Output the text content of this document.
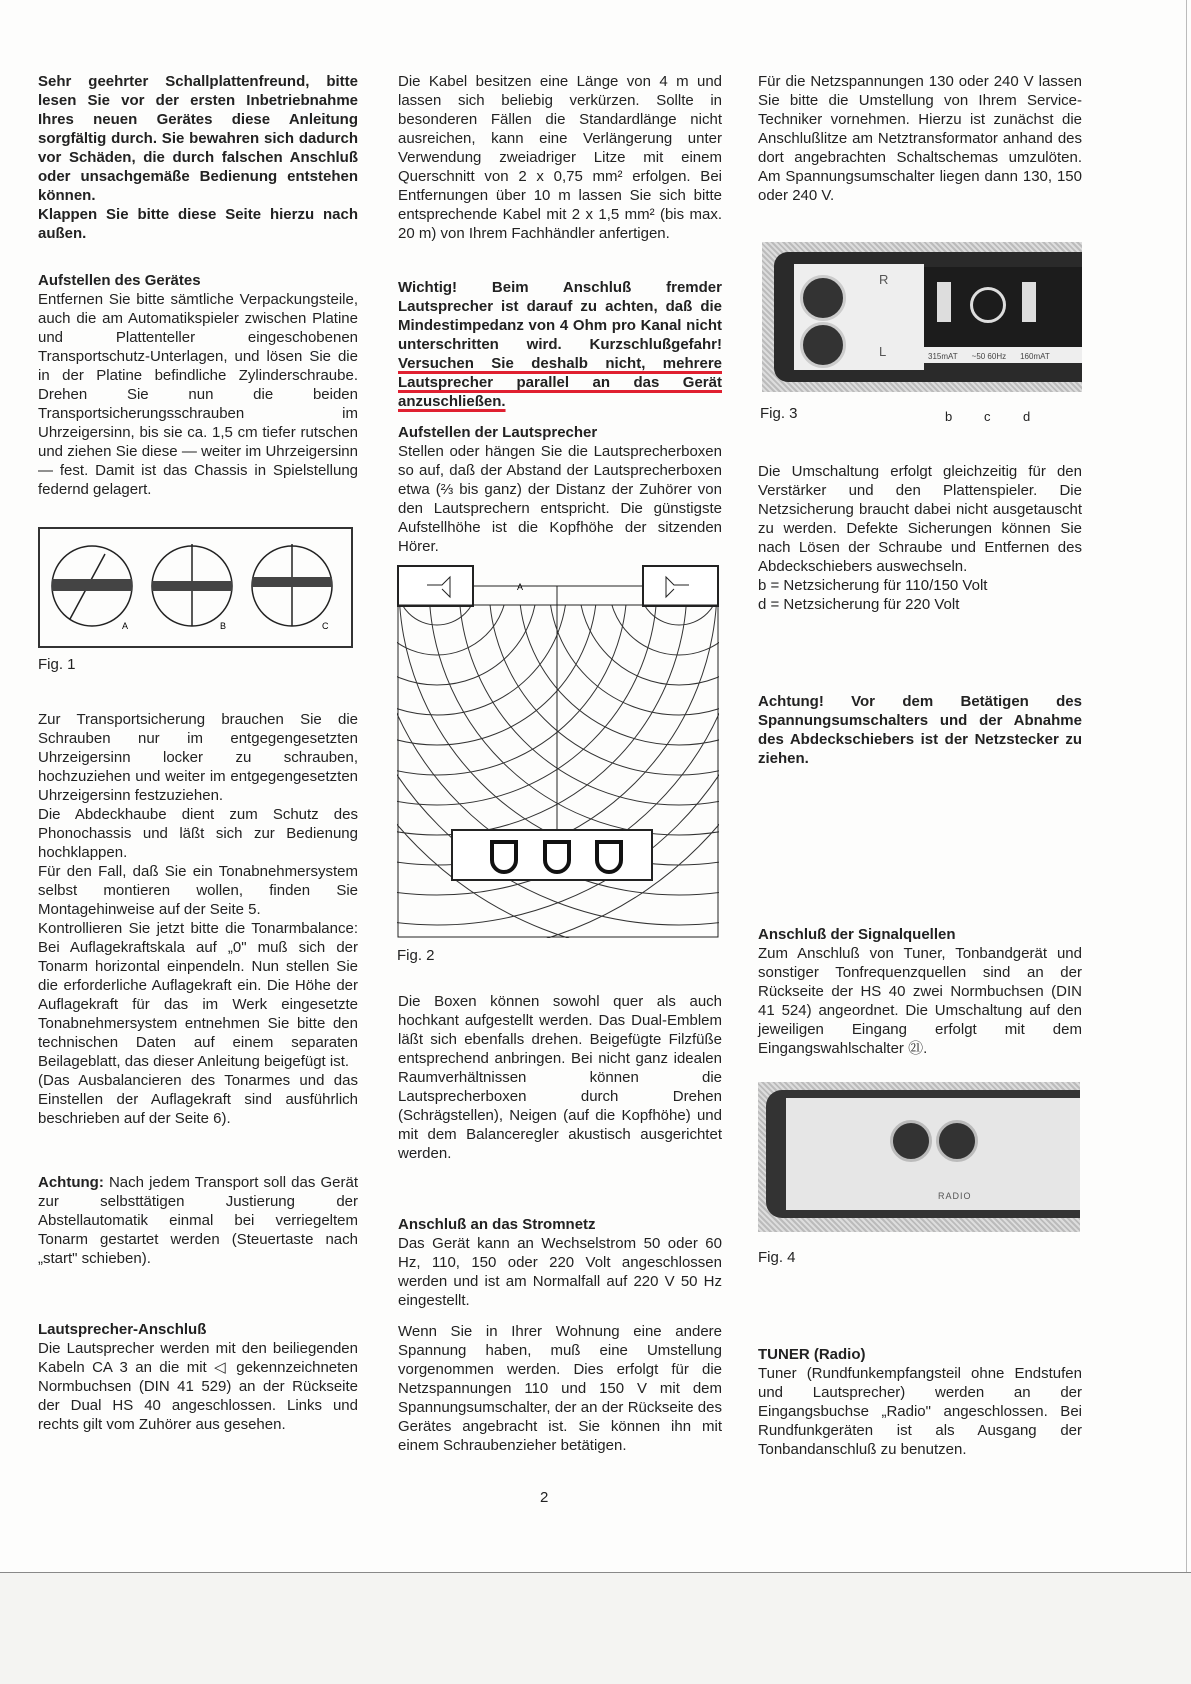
Sehr geehrter Schallplattenfreund, bitte lesen Sie vor der ersten Inbetriebnahme Ihres neuen Gerätes diese Anleitung sorgfältig durch. Sie bewahren sich dadurch vor Schäden, die durch falschen Anschluß oder unsachgemäße Bedienung entstehen können.

Klappen Sie bitte diese Seite hierzu nach außen.

Aufstellen des Gerätes

Entfernen Sie bitte sämtliche Verpackungsteile, auch die am Automatikspieler zwischen Platine und Plattenteller eingeschobenen Transportschutz-Unterlagen, und lösen Sie die in der Platine befindliche Zylinderschraube. Drehen Sie nun die beiden Transportsicherungsschrauben im Uhrzeigersinn, bis sie ca. 1,5 cm tiefer rutschen und ziehen Sie diese — weiter im Uhrzeigersinn — fest. Damit ist das Chassis in Spielstellung federnd gelagert.

A	B	C
Fig. 1

Zur Transportsicherung brauchen Sie die Schrauben nur im entgegengesetzten Uhrzeigersinn locker zu schrauben, hochzuziehen und weiter im entgegengesetzten Uhrzeigersinn festzuziehen.

Die Abdeckhaube dient zum Schutz des Phonochassis und läßt sich zur Bedienung hochklappen.

Für den Fall, daß Sie ein Tonabnehmersystem selbst montieren wollen, finden Sie Montagehinweise auf der Seite 5.

Kontrollieren Sie jetzt bitte die Tonarmbalance: Bei Auflagekraftskala auf „0" muß sich der Tonarm horizontal einpendeln. Nun stellen Sie die erforderliche Auflagekraft ein. Die Höhe der Auflagekraft für das im Werk eingesetzte Tonabnehmersystem entnehmen Sie bitte den technischen Daten auf einem separaten Beilageblatt, das dieser Anleitung beigefügt ist.

(Das Ausbalancieren des Tonarmes und das Einstellen der Auflagekraft sind ausführlich beschrieben auf der Seite 6).

Achtung: Nach jedem Transport soll das Gerät zur selbsttätigen Justierung der Abstellautomatik einmal bei verriegeltem Tonarm gestartet werden (Steuertaste nach „start" schieben).

Lautsprecher-Anschluß

Die Lautsprecher werden mit den beiliegenden Kabeln CA 3 an die mit ◁ gekennzeichneten Normbuchsen (DIN 41 529) an der Rückseite der Dual HS 40 angeschlossen. Links und rechts gilt vom Zuhörer aus gesehen.

Die Kabel besitzen eine Länge von 4 m und lassen sich beliebig verkürzen. Sollte in besonderen Fällen die Standardlänge nicht ausreichen, kann eine Verlängerung unter Verwendung zweiadriger Litze mit einem Querschnitt von 2 x 0,75 mm² erfolgen. Bei Entfernungen über 10 m lassen Sie sich bitte entsprechende Kabel mit 2 x 1,5 mm² (bis max. 20 m) von Ihrem Fachhändler anfertigen.
Wichtig! Beim Anschluß fremder Lautsprecher ist darauf zu achten, daß die Mindestimpedanz von 4 Ohm pro Kanal nicht unterschritten wird. Kurzschlußgefahr! Versuchen Sie deshalb nicht, mehrere Lautsprecher parallel an das Gerät anzuschließen.

Aufstellen der Lautsprecher

Stellen oder hängen Sie die Lautsprecherboxen so auf, daß der Abstand der Lautsprecherboxen etwa (⅔ bis ganz) der Distanz der Zuhörer von den Lautsprechern entspricht. Die günstigste Aufstellhöhe ist die Kopfhöhe der sitzenden Hörer.

A
Fig. 2
Die Boxen können sowohl quer als auch hochkant aufgestellt werden. Das Dual-Emblem läßt sich ebenfalls drehen. Beigefügte Filzfüße entsprechend anbringen. Bei nicht ganz idealen Raumverhältnissen können die Lautsprecherboxen durch Drehen (Schrägstellen), Neigen (auf die Kopfhöhe) und mit dem Balanceregler akustisch ausgerichtet werden.

Anschluß an das Stromnetz

Das Gerät kann an Wechselstrom 50 oder 60 Hz, 110, 150 oder 220 Volt angeschlossen werden und ist am Normalfall auf 220 V 50 Hz eingestellt.

Wenn Sie in Ihrer Wohnung eine andere Spannung haben, muß eine Umstellung vorgenommen werden. Dies erfolgt für die Netzspannungen 110 und 150 V mit dem Spannungsumschalter, der an der Rückseite des Gerätes angebracht ist. Sie können ihn mit einem Schraubenzieher betätigen.
Für die Netzspannungen 130 oder 240 V lassen Sie bitte die Umstellung von Ihrem Service-Techniker vornehmen. Hierzu ist zunächst die Anschlußlitze am Netztransformator anhand des dort angebrachten Schaltschemas umzulöten. Am Spannungsumschalter liegen dann 130, 150 oder 240 V.
R
L	315mAT ~50 60Hz 160mAT
Fig. 3	b c	d

Die Umschaltung erfolgt gleichzeitig für den Verstärker und den Plattenspieler. Die Netzsicherung braucht dabei nicht ausgetauscht zu werden. Defekte Sicherungen können Sie nach Lösen der Schraube und Entfernen des Abdeckschiebers auswechseln.

b = Netzsicherung für 110/150 Volt

d = Netzsicherung für 220 Volt

Achtung! Vor dem Betätigen des Spannungsumschalters und der Abnahme des Abdeckschiebers ist der Netzstecker zu ziehen.

Anschluß der Signalquellen

Zum Anschluß von Tuner, Tonbandgerät und sonstiger Tonfrequenzquellen sind an der Rückseite der HS 40 zwei Normbuchsen (DIN 41 524) angeordnet. Die Umschaltung auf den jeweiligen Eingang erfolgt mit dem Eingangswahlschalter ㉑.

RADIO
Fig. 4

TUNER (Radio)

Tuner (Rundfunkempfangsteil ohne Endstufen und Lautsprecher) werden an der Eingangsbuchse „Radio" angeschlossen. Bei Rundfunkgeräten ist als Ausgang der Tonbandanschluß zu benutzen.

2
